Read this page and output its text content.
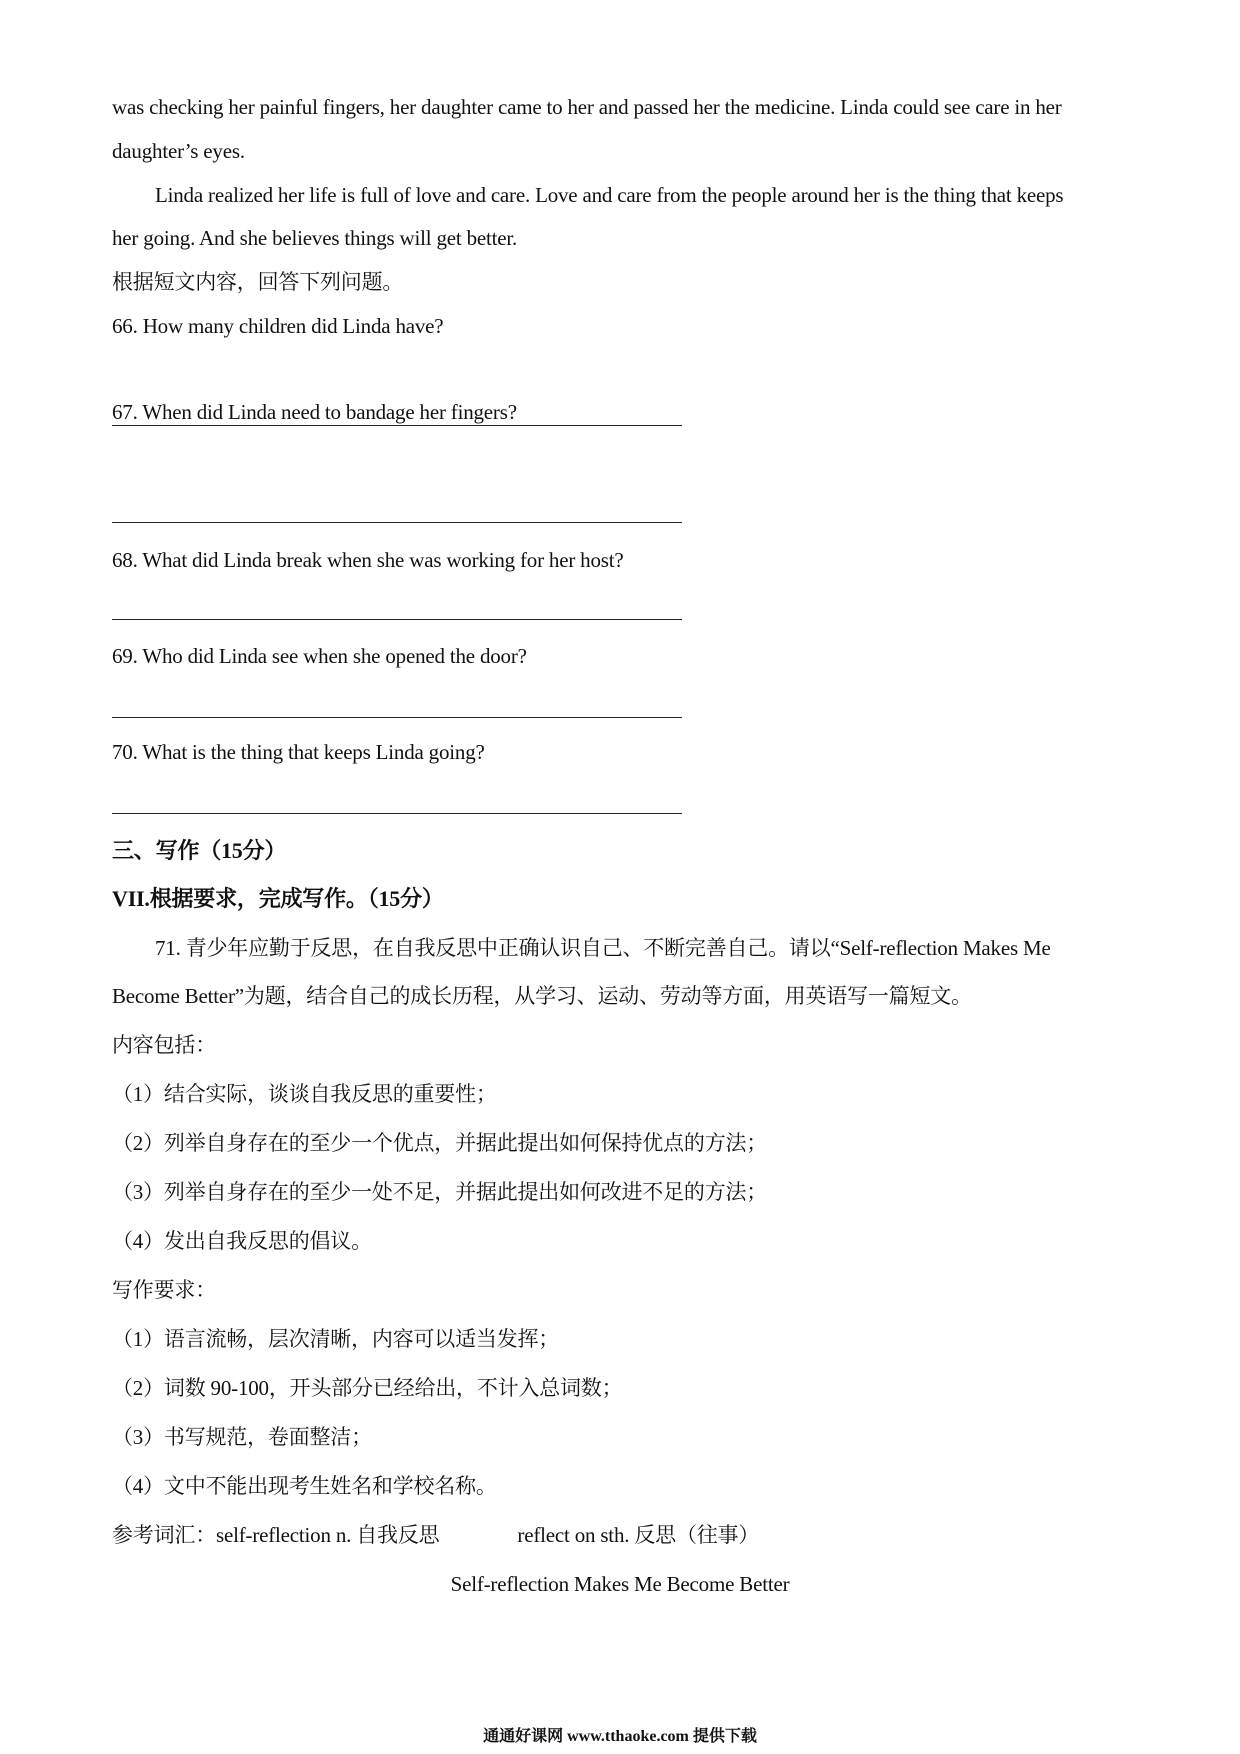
was checking her painful fingers, her daughter came to her and passed her the medicine. Linda could see care in her
daughter’s eyes.
Linda realized her life is full of love and care. Love and care from the people around her is the thing that keeps
her going. And she believes things will get better.
根据短文内容，回答下列问题。
66. How many children did Linda have?
67. When did Linda need to bandage her fingers?
68. What did Linda break when she was working for her host?
69. Who did Linda see when she opened the door?
70. What is the thing that keeps Linda going?
三、写作（15分）
VII.根据要求，完成写作。（15分）
71. 青少年应勤于反思，在自我反思中正确认识自己、不断完善自己。请以“Self-reflection Makes Me
Become Better”为题，结合自己的成长历程，从学习、运动、劳动等方面，用英语写一篇短文。
内容包括：
（1）结合实际，谈谈自我反思的重要性；
（2）列举自身存在的至少一个优点，并据此提出如何保持优点的方法；
（3）列举自身存在的至少一处不足，并据此提出如何改进不足的方法；
（4）发出自我反思的倡议。
写作要求：
（1）语言流畅，层次清晰，内容可以适当发挥；
（2）词数 90-100，开头部分已经给出，不计入总词数；
（3）书写规范，卷面整洁；
（4）文中不能出现考生姓名和学校名称。
参考词汇：self-reflection n. 自我反思	reflect on sth. 反思（往事）
Self-reflection Makes Me Become Better
通通好课网 www.tthaoke.com 提供下载
